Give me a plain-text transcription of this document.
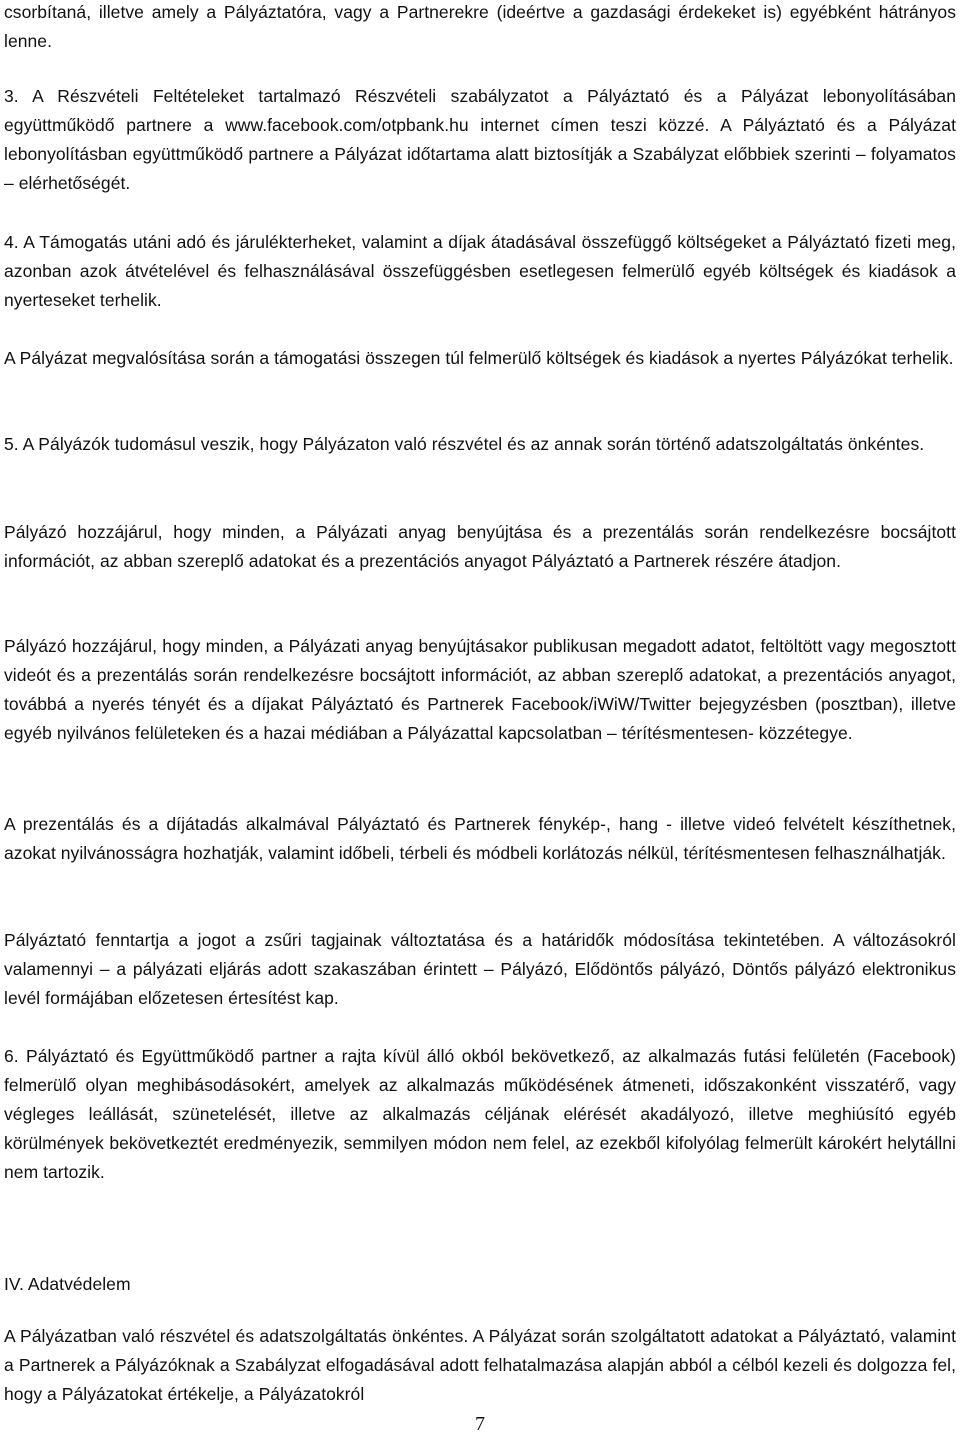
csorbítaná, illetve amely a Pályáztatóra, vagy a Partnerekre (ideértve a gazdasági érdekeket is) egyébként hátrányos lenne.

3. A Részvételi Feltételeket tartalmazó Részvételi szabályzatot a Pályáztató és a Pályázat lebonyolításában együttműködő partnere a www.facebook.com/otpbank.hu internet címen teszi közzé. A Pályáztató és a Pályázat lebonyolításban együttműködő partnere a Pályázat időtartama alatt biztosítják a Szabályzat előbbiek szerinti – folyamatos – elérhetőségét.

4. A Támogatás utáni adó és járulékterheket, valamint a díjak átadásával összefüggő költségeket a Pályáztató fizeti meg, azonban azok átvételével és felhasználásával összefüggésben esetlegesen felmerülő egyéb költségek és kiadások a nyerteseket terhelik.

A Pályázat megvalósítása során a támogatási összegen túl felmerülő költségek és kiadások a nyertes Pályázókat terhelik.

5. A Pályázók tudomásul veszik, hogy Pályázaton való részvétel és az annak során történő adatszolgáltatás önkéntes.

Pályázó hozzájárul, hogy minden, a Pályázati anyag benyújtása és a prezentálás során rendelkezésre bocsájtott információt, az abban szereplő adatokat és a prezentációs anyagot Pályáztató a Partnerek részére átadjon.

Pályázó hozzájárul, hogy minden, a Pályázati anyag benyújtásakor publikusan megadott adatot, feltöltött vagy megosztott videót és a prezentálás során rendelkezésre bocsájtott információt, az abban szereplő adatokat, a prezentációs anyagot, továbbá a nyerés tényét és a díjakat Pályáztató és Partnerek Facebook/iWiW/Twitter bejegyzésben (posztban), illetve egyéb nyilvános felületeken és a hazai médiában a Pályázattal kapcsolatban – térítésmentesen- közzétegye.

A prezentálás és a díjátadás alkalmával Pályáztató és Partnerek fénykép-, hang - illetve videó felvételt készíthetnek, azokat nyilvánosságra hozhatják, valamint időbeli, térbeli és módbeli korlátozás nélkül, térítésmentesen felhasználhatják.

Pályáztató fenntartja a jogot a zsűri tagjainak változtatása és a határidők módosítása tekintetében. A változásokról valamennyi – a pályázati eljárás adott szakaszában érintett – Pályázó, Elődöntős pályázó, Döntős pályázó elektronikus levél formájában előzetesen értesítést kap.

6. Pályáztató és Együttműködő partner a rajta kívül álló okból bekövetkező, az alkalmazás futási felületén (Facebook) felmerülő olyan meghibásodásokért, amelyek az alkalmazás működésének átmeneti, időszakonként visszatérő, vagy végleges leállását, szünetelését, illetve az alkalmazás céljának elérését akadályozó, illetve meghiúsító egyéb körülmények bekövetkeztét eredményezik, semmilyen módon nem felel, az ezekből kifolyólag felmerült károkért helytállni nem tartozik.

IV. Adatvédelem

A Pályázatban való részvétel és adatszolgáltatás önkéntes. A Pályázat során szolgáltatott adatokat a Pályáztató, valamint a Partnerek a Pályázóknak a Szabályzat elfogadásával adott felhatalmazása alapján abból a célból kezeli és dolgozza fel, hogy a Pályázatokat értékelje, a Pályázatokról

7
